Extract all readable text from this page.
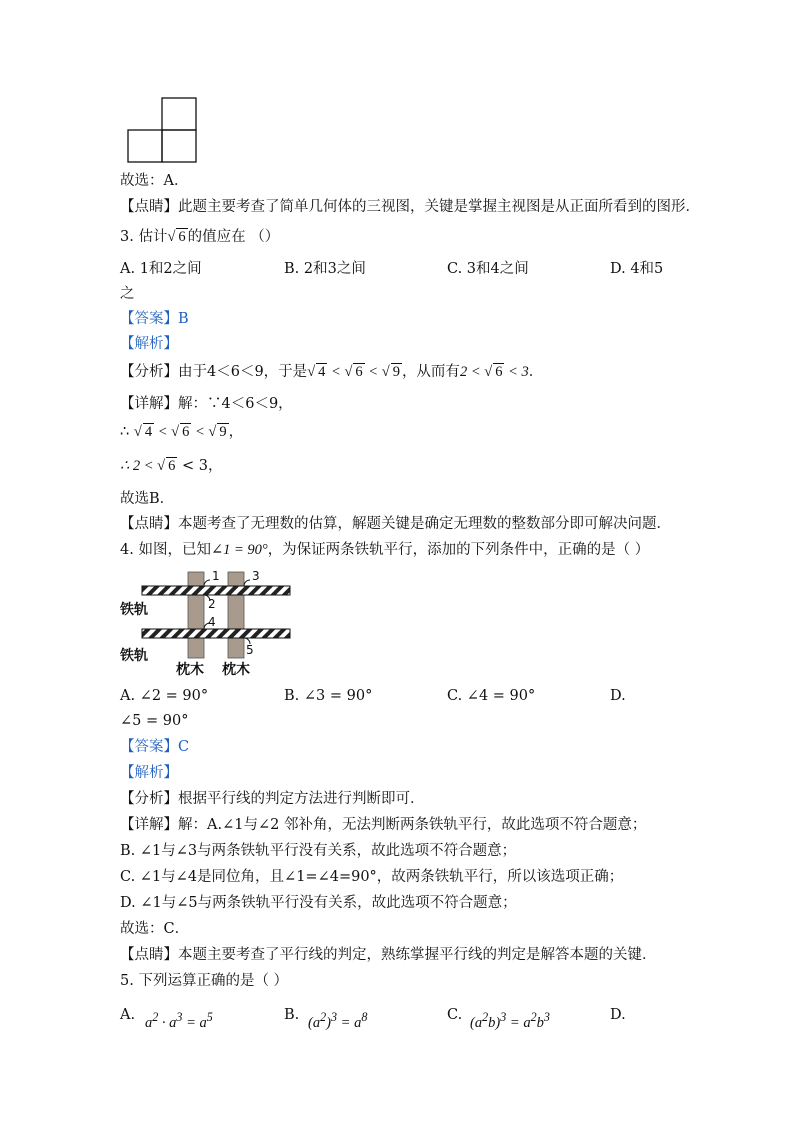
故选：A．
【点睛】此题主要考查了简单几何体的三视图，关键是掌握主视图是从正面所看到的图形．
3. 估计√ 6 的值应在 （）
A. 1和2之间	B. 2和3之间	C. 3和4之间	D. 4和5
之
【答案】B
【解析】
【分析】由于4＜6＜9，于是√ 4 < √ 6 < √ 9 ，从而有2 < √ 6 < 3．
【详解】解：∵4＜6＜9，
∴ √ 4 < √ 6 < √ 9 ，
∴ 2 < √ 6 < 3，
故选B．
【点睛】本题考查了无理数的估算，解题关键是确定无理数的整数部分即可解决问题．
4. 如图，已知∠1 = 90°，为保证两条铁轨平行，添加的下列条件中，正确的是（ ）
1	3
2
4
5
铁轨
铁轨
枕木 枕木
A. ∠2 = 90°	B. ∠3 = 90°	C. ∠4 = 90°	D.
∠5 = 90°
【答案】C
【解析】
【分析】根据平行线的判定方法进行判断即可．
【详解】解：A.∠1与∠2 邻补角，无法判断两条铁轨平行，故此选项不符合题意；
B. ∠1与∠3与两条铁轨平行没有关系，故此选项不符合题意；
C. ∠1与∠4是同位角，且∠1=∠4=90°，故两条铁轨平行，所以该选项正确；
D. ∠1与∠5与两条铁轨平行没有关系，故此选项不符合题意；
故选：C．
【点睛】本题主要考查了平行线的判定，熟练掌握平行线的判定是解答本题的关键．
5. 下列运算正确的是（ ）
A. $a^2 \cdot a^3 = a^5$	B. $(a^2)^3 = a^8$	C. $(a^2b)^3 = a^2b^3$	D.
